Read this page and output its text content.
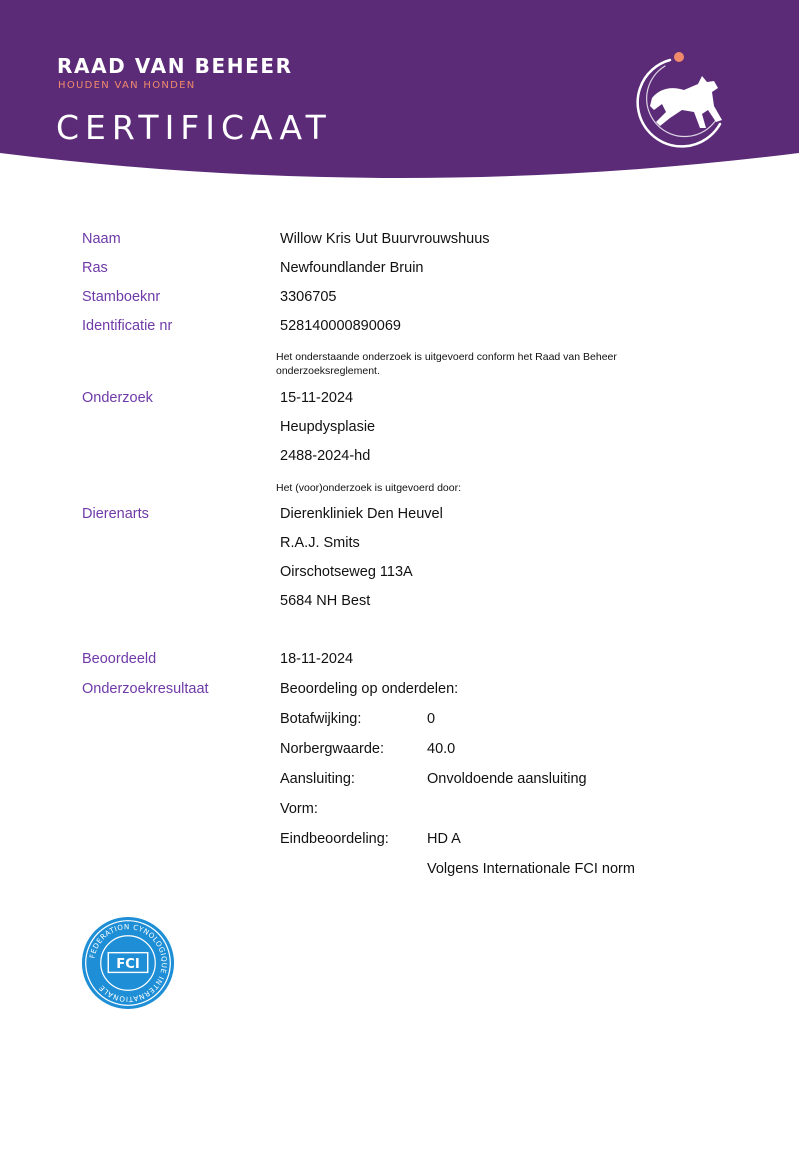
RAAD VAN BEHEER
HOUDEN VAN HONDEN
CERTIFICAAT
Naam	Willow Kris Uut Buurvrouwshuus
Ras	Newfoundlander Bruin
Stamboeknr	3306705
Identificatie nr	528140000890069
Het onderstaande onderzoek is uitgevoerd conform het Raad van Beheer onderzoeksreglement.
Onderzoek	15-11-2024
Heupdysplasie
2488-2024-hd
Het (voor)onderzoek is uitgevoerd door:
Dierenarts	Dierenkliniek Den Heuvel
R.A.J. Smits
Oirschotseweg 113A
5684 NH Best
Beoordeeld	18-11-2024
Onderzoekresultaat	Beoordeling op onderdelen:
Botafwijking:	0
Norbergwaarde:	40.0
Aansluiting:	Onvoldoende aansluiting
Vorm:
Eindbeoordeling:	HD A
Volgens Internationale FCI norm
FEDERATION CYNOLOGIQUE INTERNATIONALE
FCI
